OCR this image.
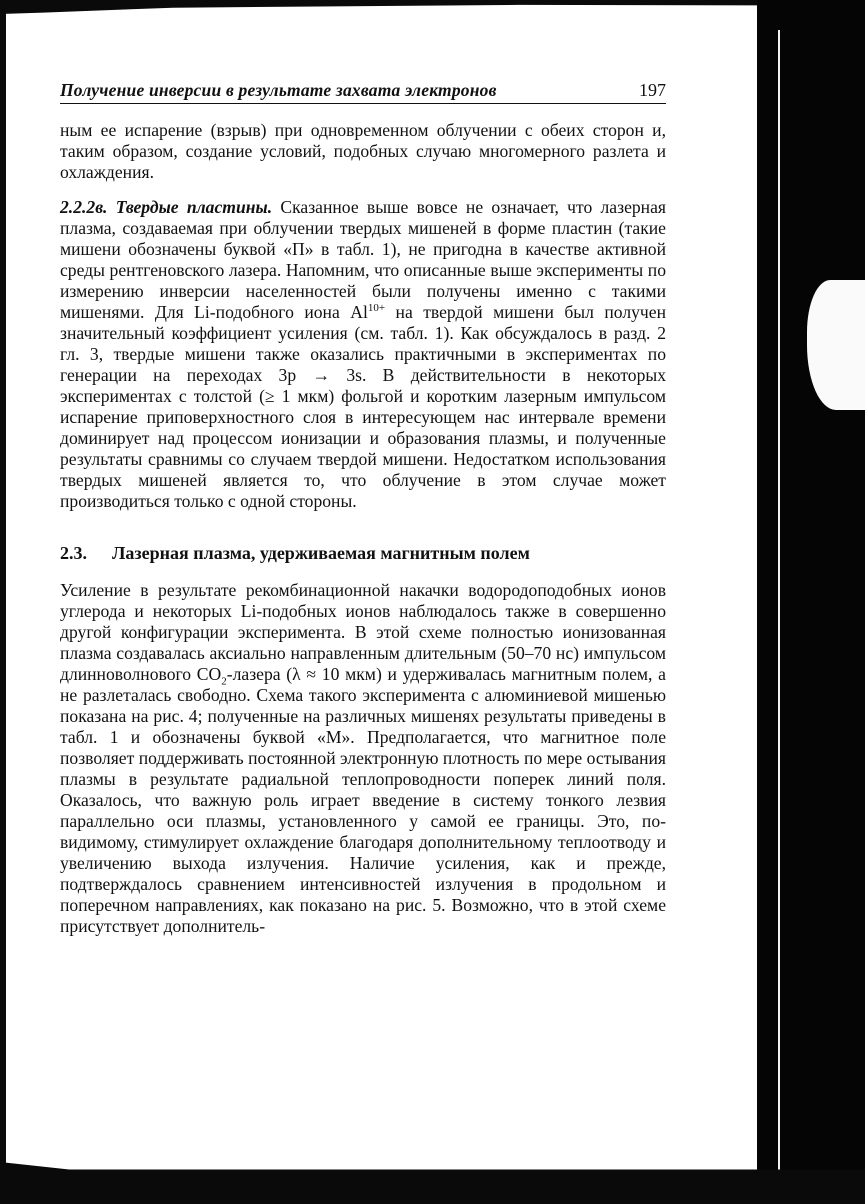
Получение инверсии в результате захвата электронов	197

ным ее испарение (взрыв) при одновременном облучении с обеих сторон и, таким образом, создание условий, подобных случаю многомерного разлета и охлаждения.

2.2.2в. Твердые пластины. Сказанное выше вовсе не означает, что лазерная плазма, создаваемая при облучении твердых мишеней в форме пластин (такие мишени обозначены буквой «П» в табл. 1), не пригодна в качестве активной среды рентгеновского лазера. Напомним, что описанные выше эксперименты по измерению инверсии населенностей были получены именно с такими мишенями. Для Li-подобного иона $Al^{10+}$ на твердой мишени был получен значительный коэффициент усиления (см. табл. 1). Как обсуждалось в разд. 2 гл. 3, твердые мишени также оказались практичными в экспериментах по генерации на переходах 3p → 3s. В действительности в некоторых экспериментах с толстой (≥ 1 мкм) фольгой и коротким лазерным импульсом испарение приповерхностного слоя в интересующем нас интервале времени доминирует над процессом ионизации и образования плазмы, и полученные результаты сравнимы со случаем твердой мишени. Недостатком использования твердых мишеней является то, что облучение в этом случае может производиться только с одной стороны.

2.3.	Лазерная плазма, удерживаемая магнитным полем

Усиление в результате рекомбинационной накачки водородоподобных ионов углерода и некоторых Li-подобных ионов наблюдалось также в совершенно другой конфигурации эксперимента. В этой схеме полностью ионизованная плазма создавалась аксиально направленным длительным (50–70 нс) импульсом длинноволнового $CO_2$-лазера (λ ≈ 10 мкм) и удерживалась магнитным полем, а не разлеталась свободно. Схема такого эксперимента с алюминиевой мишенью показана на рис. 4; полученные на различных мишенях результаты приведены в табл. 1 и обозначены буквой «М». Предполагается, что магнитное поле позволяет поддерживать постоянной электронную плотность по мере остывания плазмы в результате радиальной теплопроводности поперек линий поля. Оказалось, что важную роль играет введение в систему тонкого лезвия параллельно оси плазмы, установленного у самой ее границы. Это, по-видимому, стимулирует охлаждение благодаря дополнительному теплоотводу и увеличению выхода излучения. Наличие усиления, как и прежде, подтверждалось сравнением интенсивностей излучения в продольном и поперечном направлениях, как показано на рис. 5. Возможно, что в этой схеме присутствует дополнитель-
